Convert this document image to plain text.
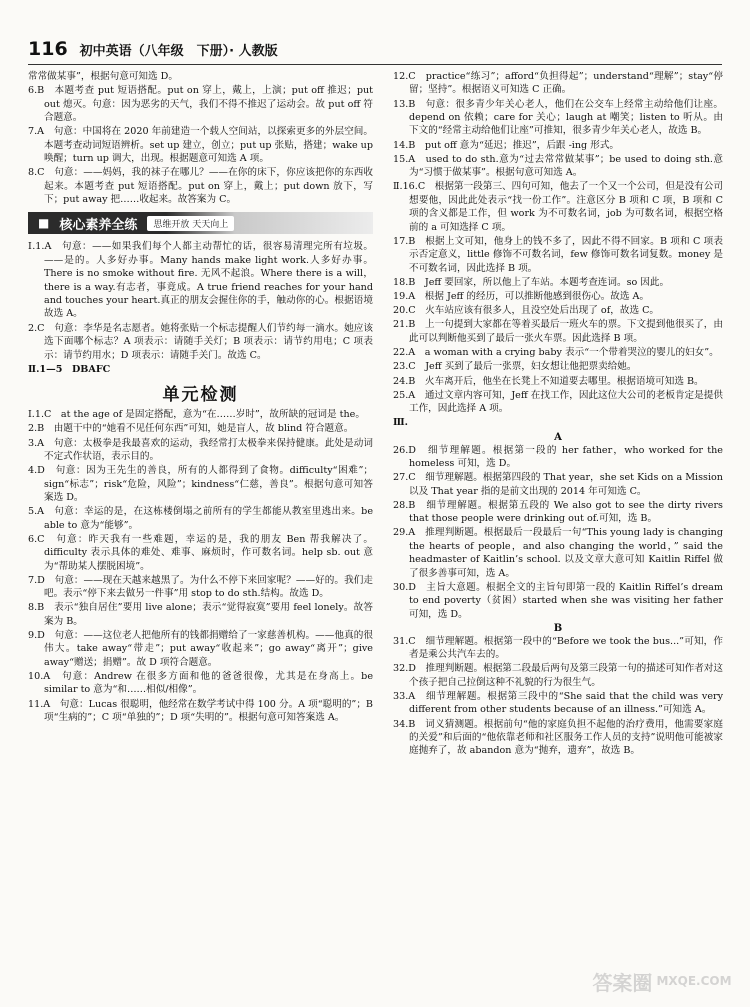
116 初中英语（八年级　下册）· 人教版

常常做某事”，根据句意可知选 D。

6.B　本题考查 put 短语搭配。put on 穿上，戴上，上演；put off 推迟；put out 熄灭。句意：因为恶劣的天气，我们不得不推迟了运动会。故 put off 符合题意。

7.A　句意：中国将在 2020 年前建造一个载人空间站，以探索更多的外层空间。本题考查动词短语辨析。set up 建立，创立；put up 张贴，搭建；wake up 唤醒；turn up 调大，出现。根据题意可知选 A 项。

8.C　句意：——妈妈，我的袜子在哪儿？——在你的床下，你应该把你的东西收起来。本题考查 put 短语搭配。put on 穿上，戴上；put down 放下，写下；put away 把……收起来。故答案为 C。

■ 核心素养全练	思维开放 天天向上

Ⅰ.1.A　句意：——如果我们每个人都主动帮忙的话，很容易清理完所有垃圾。——是的。人多好办事。Many hands make light work.人多好办事。There is no smoke without fire. 无风不起浪。Where there is a will，there is a way.有志者，事竟成。A true friend reaches for your hand and touches your heart.真正的朋友会握住你的手，触动你的心。根据语境故选 A。

2.C　句意：李华是名志愿者。她将张贴一个标志提醒人们节约每一滴水。她应该选下面哪个标志？A 项表示：请随手关灯；B 项表示：请节约用电；C 项表示：请节约用水；D 项表示：请随手关门。故选 C。

Ⅱ.1—5　DBAFC

单元检测

Ⅰ.1.C　at the age of 是固定搭配，意为“在……岁时”，故所缺的冠词是 the。

2.B　由题干中的“她看不见任何东西”可知，她是盲人，故 blind 符合题意。

3.A　句意：太极拳是我最喜欢的运动，我经常打太极拳来保持健康。此处是动词不定式作状语，表示目的。

4.D　句意：因为王先生的善良，所有的人都得到了食物。difficulty“困难”；sign“标志”；risk“危险，风险”；kindness“仁慈，善良”。根据句意可知答案选 D。

5.A　句意：幸运的是，在这栋楼倒塌之前所有的学生都能从教室里逃出来。be able to 意为“能够”。

6.C　句意：昨天我有一些难题，幸运的是，我的朋友 Ben 帮我解决了。difficulty 表示具体的难处、难事、麻烦时，作可数名词。help sb. out 意为“帮助某人摆脱困境”。

7.D　句意：——现在天越来越黑了。为什么不停下来回家呢？——好的。我们走吧。表示“停下来去做另一件事”用 stop to do sth.结构。故选 D。

8.B　表示“独自居住”要用 live alone；表示“觉得寂寞”要用 feel lonely。故答案为 B。

9.D　句意：——这位老人把他所有的钱都捐赠给了一家慈善机构。——他真的很伟大。take away“带走”；put away“收起来”；go away“离开”；give away“赠送；捐赠”。故 D 项符合题意。

10.A　句意：Andrew 在很多方面和他的爸爸很像，尤其是在身高上。be similar to 意为“和……相似/相像”。

11.A　句意：Lucas 很聪明，他经常在数学考试中得 100 分。A 项“聪明的”；B 项“生病的”；C 项“单独的”；D 项“失明的”。根据句意可知答案选 A。

12.C　practice“练习”；afford“负担得起”；understand“理解”；stay“停留；坚持”。根据语义可知选 C 正确。

13.B　句意：很多青少年关心老人，他们在公交车上经常主动给他们让座。depend on 依赖；care for 关心；laugh at 嘲笑；listen to 听从。由下文的“经常主动给他们让座”可推知，很多青少年关心老人，故选 B。

14.B　put off 意为“延迟；推迟”，后跟 -ing 形式。

15.A　used to do sth.意为“过去常常做某事”；be used to doing sth.意为“习惯于做某事”。根据句意可知选 A。

Ⅱ.16.C　根据第一段第三、四句可知，他去了一个又一个公司，但是没有公司想要他，因此此处表示“找一份工作”。注意区分 B 项和 C 项，B 项和 C 项的含义都是工作，但 work 为不可数名词，job 为可数名词，根据空格前的 a 可知选择 C 项。

17.B　根据上文可知，他身上的钱不多了，因此不得不回家。B 项和 C 项表示否定意义，little 修饰不可数名词，few 修饰可数名词复数。money 是不可数名词，因此选择 B 项。

18.B　Jeff 要回家，所以他上了车站。本题考查连词。so 因此。

19.A　根据 Jeff 的经历，可以推断他感到很伤心。故选 A。

20.C　火车站应该有很多人，且没空处后出现了 of，故选 C。

21.B　上一句提到大家都在等着买最后一班火车的票。下文提到他很买了，由此可以判断他买到了最后一张火车票。因此选择 B 项。

22.A　a woman with a crying baby 表示“一个带着哭泣的婴儿的妇女”。

23.C　Jeff 买到了最后一张票，妇女想让他把票卖给她。

24.B　火车离开后，他坐在长凳上不知道要去哪里。根据语境可知选 B。

25.A　通过文章内容可知，Jeff 在找工作，因此这位大公司的老板肯定是提供工作，因此选择 A 项。

Ⅲ.

A

26.D　细节理解题。根据第一段的 her father，who worked for the homeless 可知，选 D。

27.C　细节理解题。根据第四段的 That year，she set Kids on a Mission 以及 That year 指的是前文出现的 2014 年可知选 C。

28.B　细节理解题。根据第五段的 We also got to see the dirty rivers that those people were drinking out of.可知，选 B。

29.A　推理判断题。根据最后一段最后一句“This young lady is changing the hearts of people，and also changing the world，” said the headmaster of Kaitlin’s school. 以及文章大意可知 Kaitlin Riffel 做了很多善事可知，选 A。

30.D　主旨大意题。根据全文的主旨句即第一段的 Kaitlin Riffel’s dream to end poverty（贫困）started when she was visiting her father 可知，选 D。

B

31.C　细节理解题。根据第一段中的“Before we took the bus...”可知，作者是乘公共汽车去的。

32.D　推理判断题。根据第二段最后两句及第三段第一句的描述可知作者对这个孩子把自己拉倒这种不礼貌的行为很生气。

33.A　细节理解题。根据第三段中的“She said that the child was very different from other students because of an illness.”可知选 A。

34.B　词义猜测题。根据前句“他的家庭负担不起他的治疗费用，他需要家庭的关爱”和后面的“他依靠老师和社区服务工作人员的支持”说明他可能被家庭抛弃了，故 abandon 意为“抛弃，遗弃”，故选 B。

答案圈 MXQE.COM
